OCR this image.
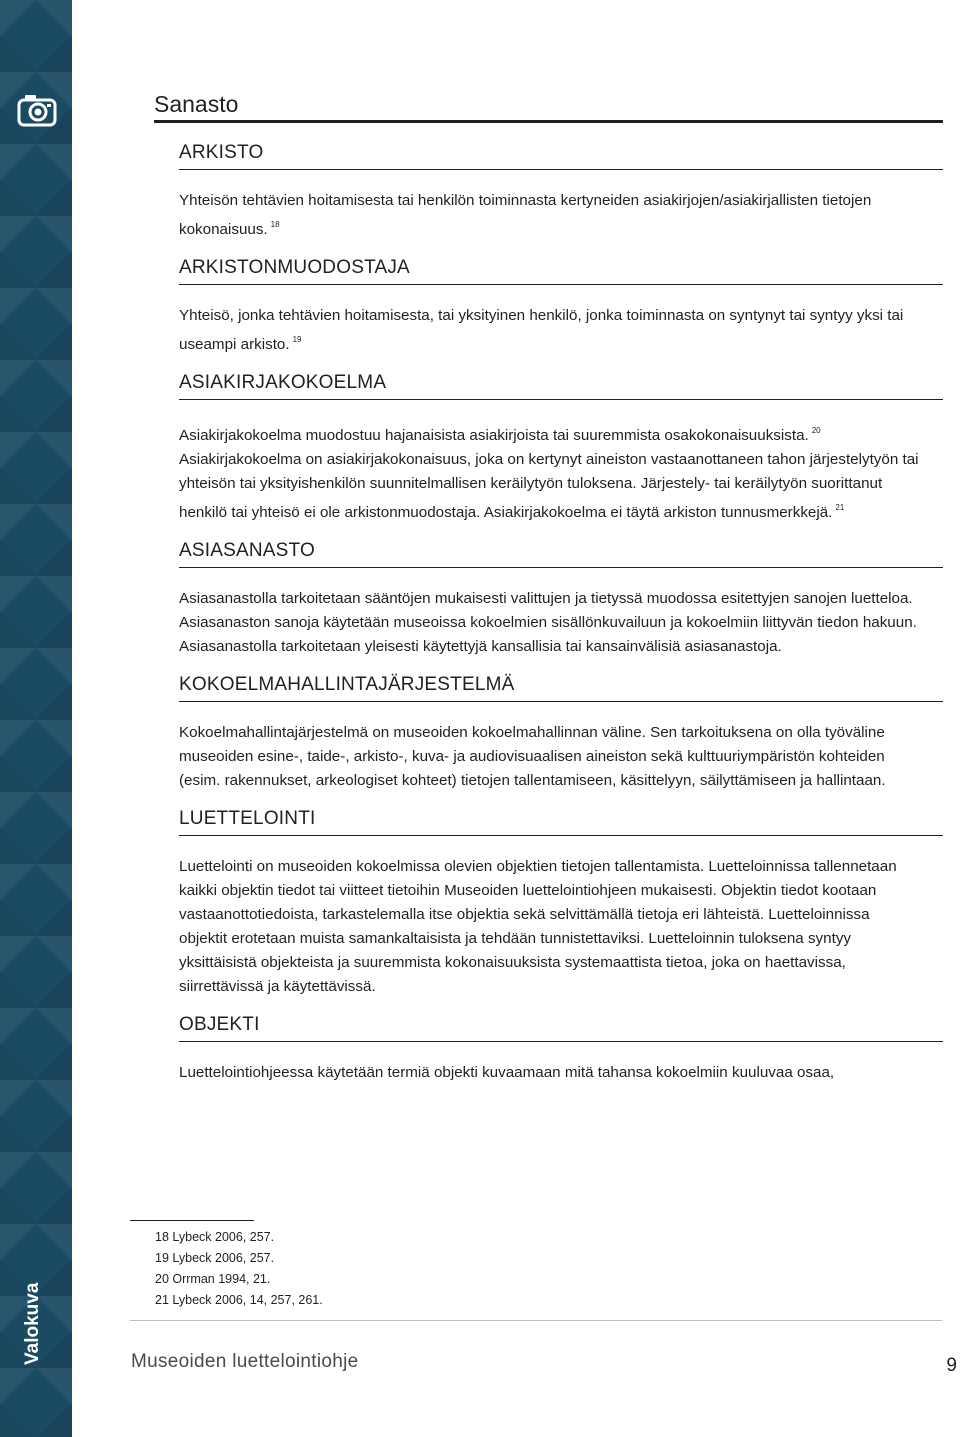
Valokuva
Sanasto
ARKISTO

Yhteisön tehtävien hoitamisesta tai henkilön toiminnasta kertyneiden asiakirjojen/asiakirjallisten tietojen kokonaisuus. $^{18}$

ARKISTONMUODOSTAJA

Yhteisö, jonka tehtävien hoitamisesta, tai yksityinen henkilö, jonka toiminnasta on syntynyt tai syntyy yksi tai useampi arkisto. $^{19}$

ASIAKIRJAKOKOELMA

Asiakirjakokoelma muodostuu hajanaisista asiakirjoista tai suuremmista osakokonaisuuksista. $^{20}$
Asiakirjakokoelma on asiakirjakokonaisuus, joka on kertynyt aineiston vastaanottaneen tahon järjestelytyön tai yhteisön tai yksityishenkilön suunnitelmallisen keräilytyön tuloksena. Järjestely- tai keräilytyön suorittanut henkilö tai yhteisö ei ole arkistonmuodostaja. Asiakirjakokoelma ei täytä arkiston tunnusmerkkejä. $^{21}$

ASIASANASTO

Asiasanastolla tarkoitetaan sääntöjen mukaisesti valittujen ja tietyssä muodossa esitettyjen sanojen luetteloa. Asiasanaston sanoja käytetään museoissa kokoelmien sisällönkuvailuun ja kokoelmiin liittyvän tiedon hakuun. Asiasanastolla tarkoitetaan yleisesti käytettyjä kansallisia tai kansainvälisiä asiasanastoja.

KOKOELMAHALLINTAJÄRJESTELMÄ

Kokoelmahallintajärjestelmä on museoiden kokoelmahallinnan väline. Sen tarkoituksena on olla työväline museoiden esine-, taide-, arkisto-, kuva- ja audiovisuaalisen aineiston sekä kulttuuriympäristön kohteiden (esim. rakennukset, arkeologiset kohteet) tietojen tallentamiseen, käsittelyyn, säilyttämiseen ja hallintaan.

LUETTELOINTI

Luettelointi on museoiden kokoelmissa olevien objektien tietojen tallentamista. Luetteloinnissa tallennetaan kaikki objektin tiedot tai viitteet tietoihin Museoiden luettelointiohjeen mukaisesti. Objektin tiedot kootaan vastaanottotiedoista, tarkastelemalla itse objektia sekä selvittämällä tietoja eri lähteistä. Luetteloinnissa objektit erotetaan muista samankaltaisista ja tehdään tunnistettaviksi. Luetteloinnin tuloksena syntyy yksittäisistä objekteista ja suuremmista kokonaisuuksista systemaattista tietoa, joka on haettavissa, siirrettävissä ja käytettävissä.

OBJEKTI

Luettelointiohjeessa käytetään termiä objekti kuvaamaan mitä tahansa kokoelmiin kuuluvaa osaa,

18 Lybeck 2006, 257.
19 Lybeck 2006, 257.
20 Orrman 1994, 21.
21 Lybeck 2006, 14, 257, 261.
Museoiden luettelointiohje	9
